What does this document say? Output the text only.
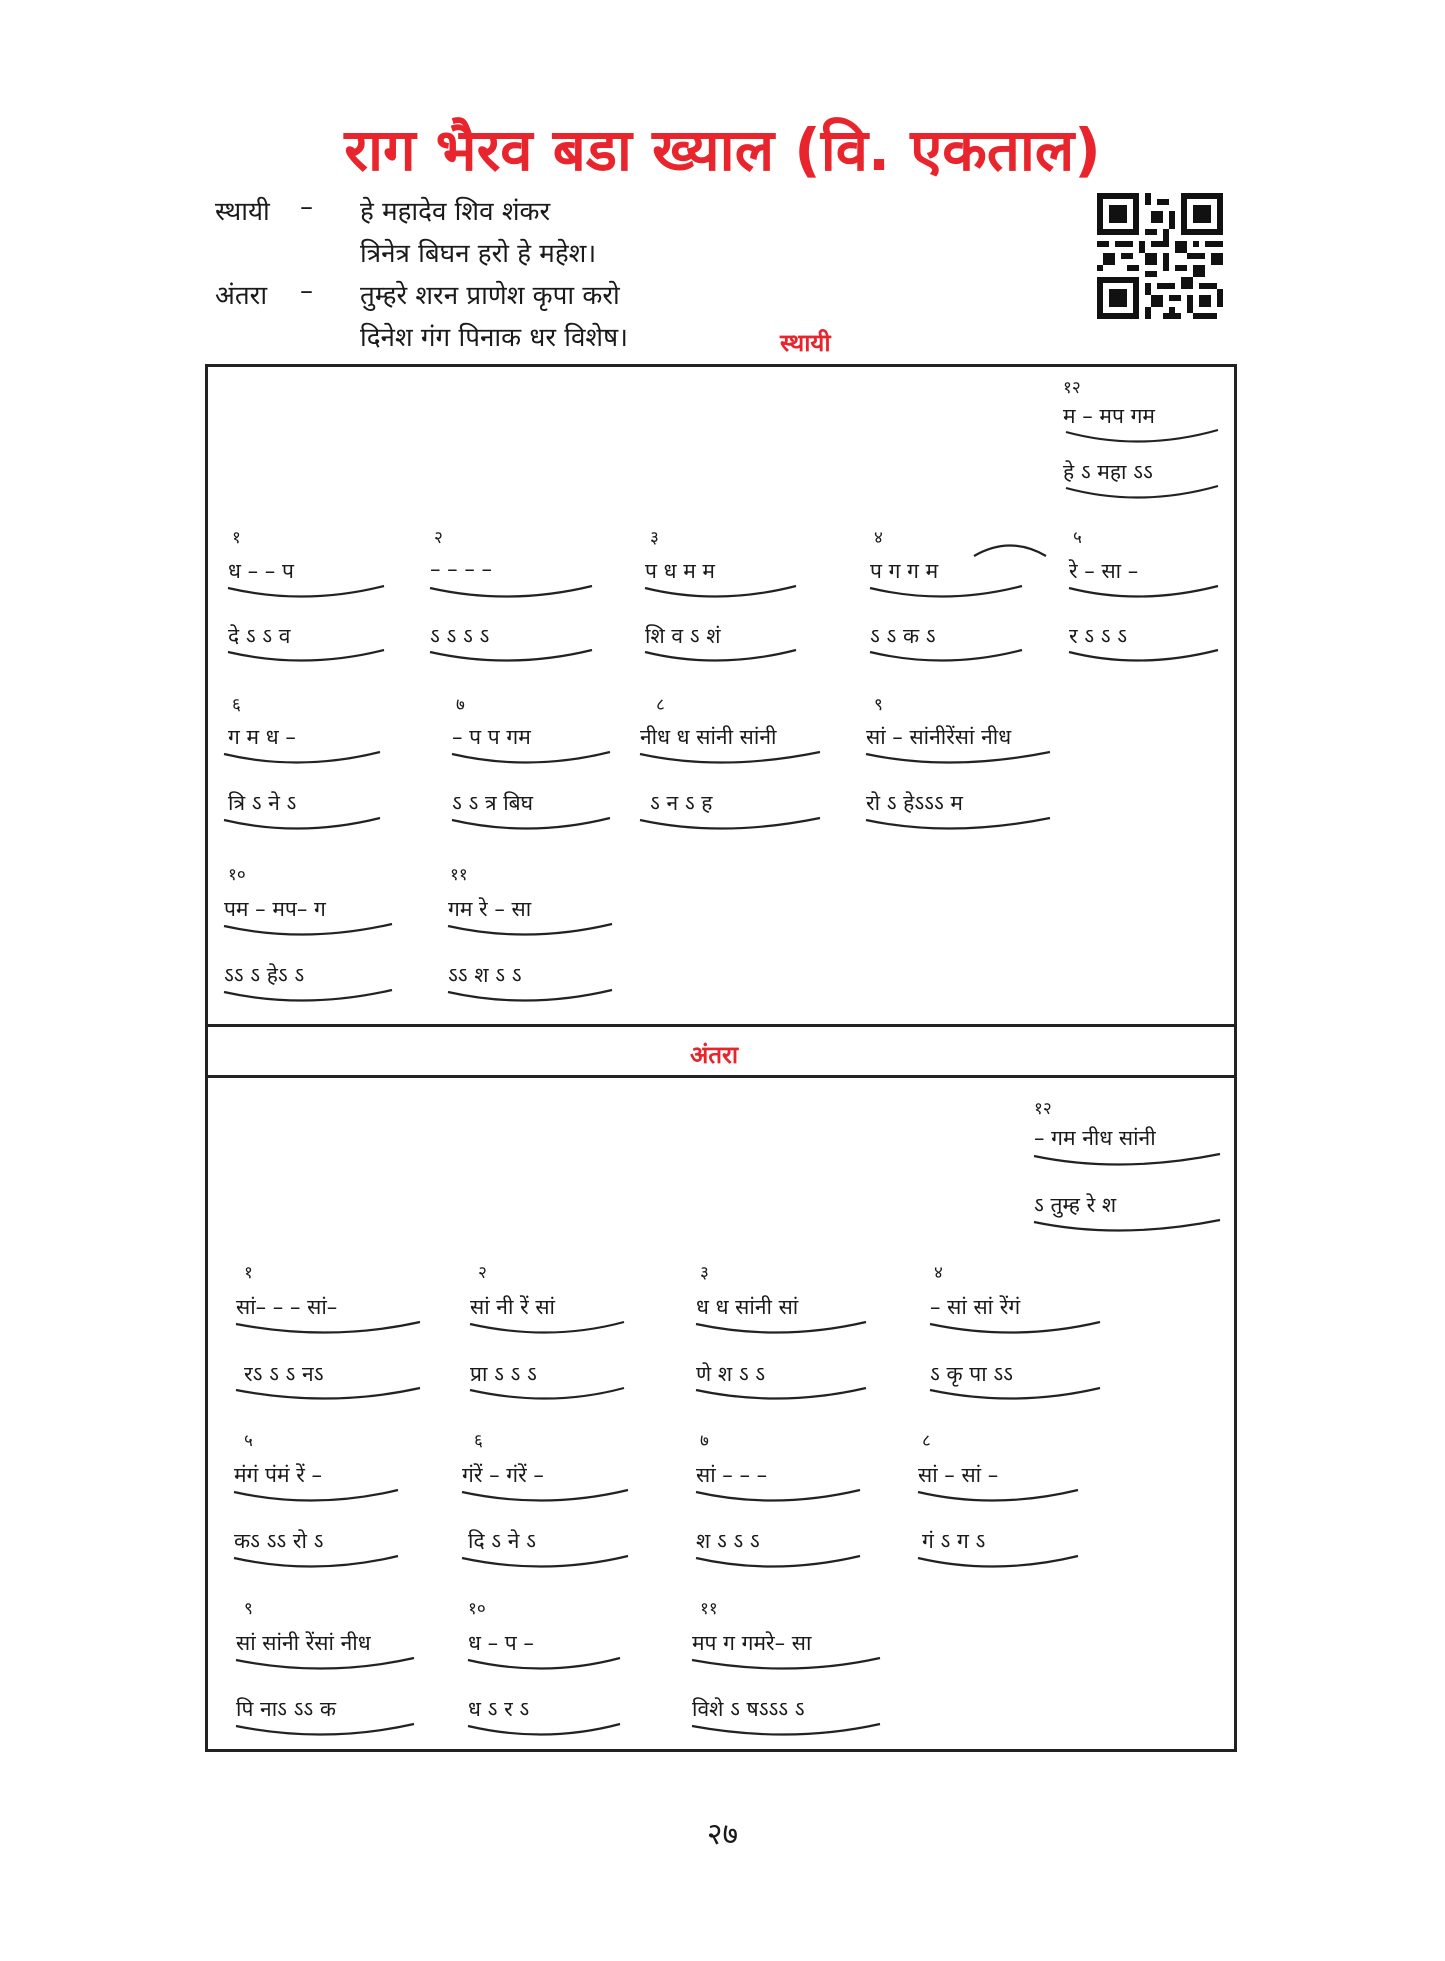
राग भैरव बडा ख्याल (वि. एकताल)
स्थायी – हे महादेव शिव शंकर
त्रिनेत्र बिघन हरो हे महेश।
अंतरा – तुम्हरे शरन प्राणेश कृपा करो
दिनेश गंग पिनाक धर विशेष।	स्थायी
अंतरा
१२
म – मप गम
हे ऽ महा ऽऽ
१
ध – – प
दे ऽ ऽ व
२
– – – –
ऽ ऽ ऽ ऽ
३
प ध म म
शि व ऽ शं
४
प ग ग म
ऽ ऽ क ऽ
५
रे – सा –
र ऽ ऽ ऽ
६
ग म ध –
त्रि ऽ ने ऽ
७
– प प गम
ऽ ऽ त्र बिघ
८
नीध ध सांनी सांनी
ऽ न ऽ ह
९
सां – सांनीरेंसां नीध
रो ऽ हेऽऽऽ म
१०
पम – मप– ग
ऽऽ ऽ हेऽ ऽ
११
गम रे – सा
ऽऽ श ऽ ऽ
१२
– गम नीध सांनी
ऽ तुम्ह रे श
१
सां– – – सां–
रऽ ऽ ऽ नऽ
२
सां नी रें सां
प्रा ऽ ऽ ऽ
३
ध ध सांनी सां
णे श ऽ ऽ
४
– सां सां रेंगं
ऽ कृ पा ऽऽ
५
मंगं पंमं रें –
कऽ ऽऽ रो ऽ
६
गंरें – गंरें –
दि ऽ ने ऽ
७
सां – – –
श ऽ ऽ ऽ
८
सां – सां –
गं ऽ ग ऽ
९
सां सांनी रेंसां नीध
पि नाऽ ऽऽ क
१०
ध – प –
ध ऽ र ऽ
११
मप ग गमरे– सा
विशे ऽ षऽऽऽ ऽ
२७
